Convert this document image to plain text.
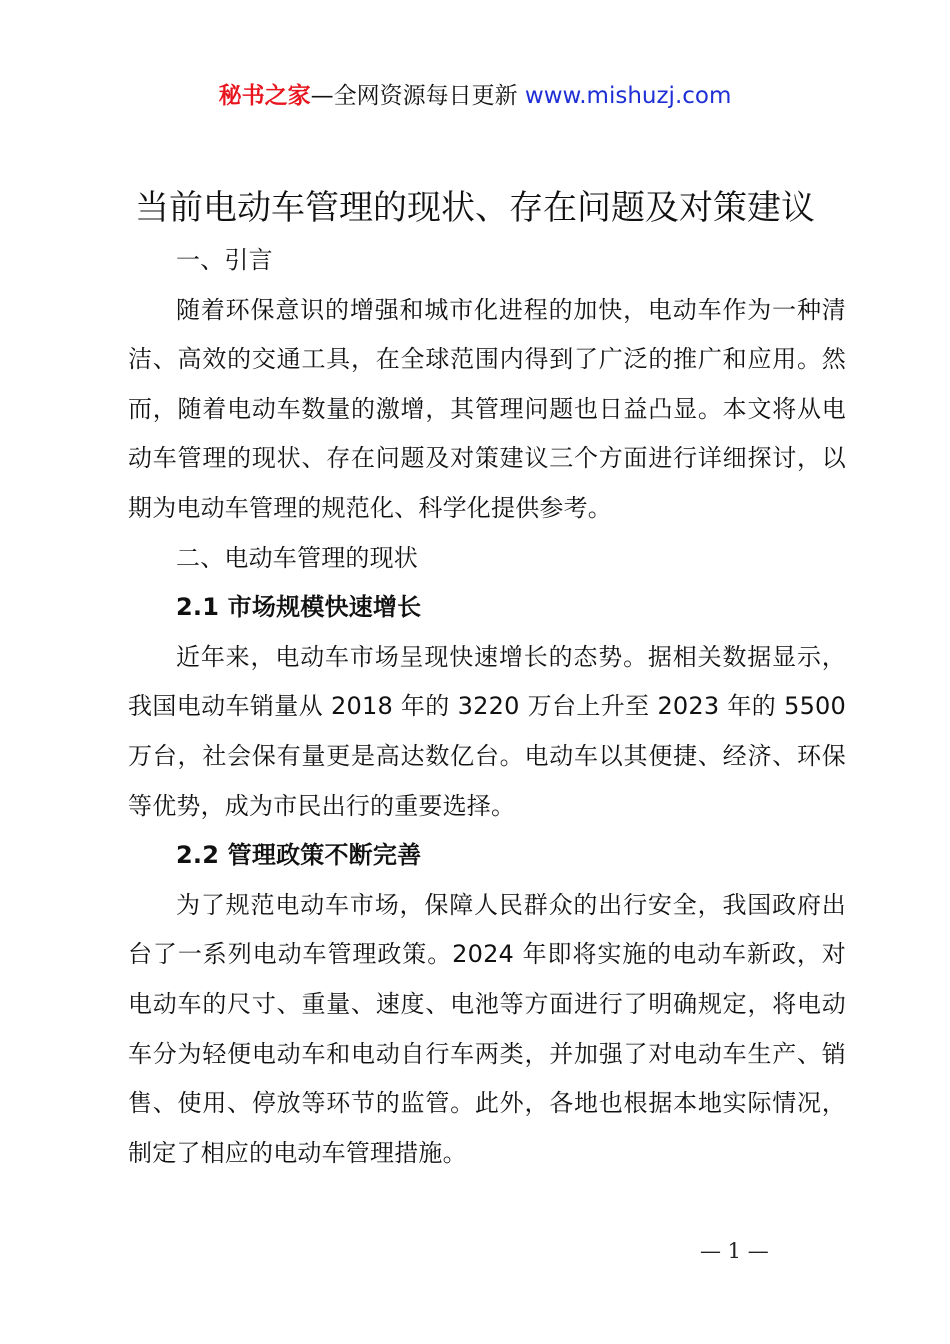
秘书之家—全网资源每日更新 www.mishuzj.com
当前电动车管理的现状、存在问题及对策建议

一、引言

随着环保意识的增强和城市化进程的加快，电动车作为一种清洁、高效的交通工具，在全球范围内得到了广泛的推广和应用。然而，随着电动车数量的激增，其管理问题也日益凸显。本文将从电动车管理的现状、存在问题及对策建议三个方面进行详细探讨，以期为电动车管理的规范化、科学化提供参考。

二、电动车管理的现状

2.1 市场规模快速增长

近年来，电动车市场呈现快速增长的态势。据相关数据显示，我国电动车销量从 2018 年的 3220 万台上升至 2023 年的 5500 万台，社会保有量更是高达数亿台。电动车以其便捷、经济、环保等优势，成为市民出行的重要选择。

2.2 管理政策不断完善

为了规范电动车市场，保障人民群众的出行安全，我国政府出台了一系列电动车管理政策。2024 年即将实施的电动车新政，对电动车的尺寸、重量、速度、电池等方面进行了明确规定，将电动车分为轻便电动车和电动自行车两类，并加强了对电动车生产、销售、使用、停放等环节的监管。此外，各地也根据本地实际情况，制定了相应的电动车管理措施。

— 1 —
